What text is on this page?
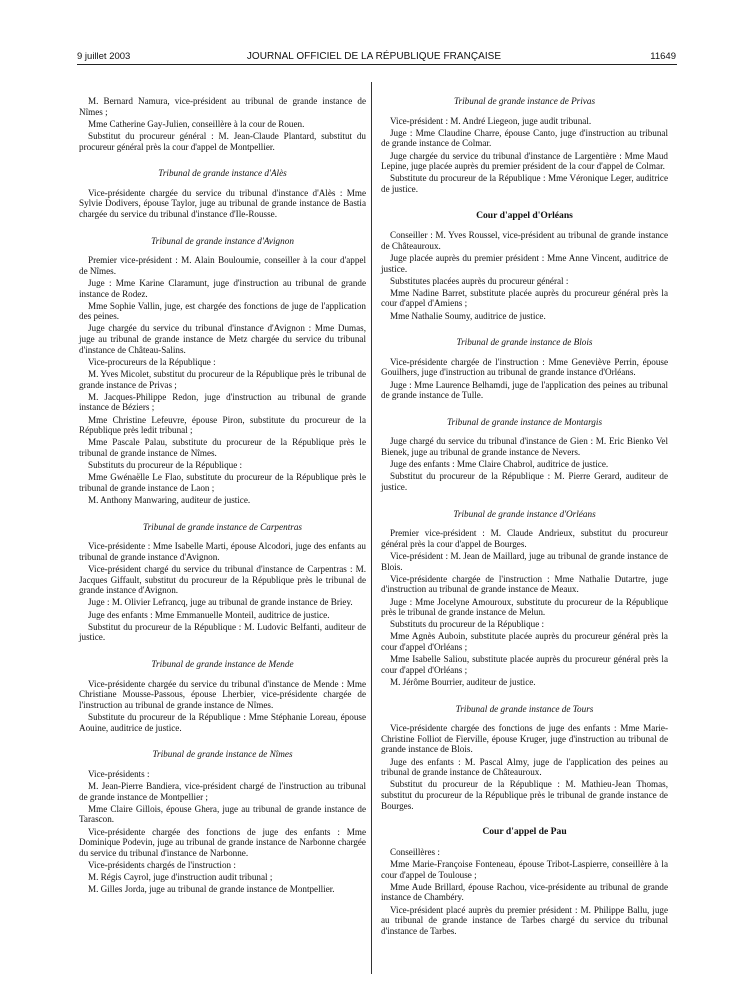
9 juillet 2003	JOURNAL OFFICIEL DE LA RÉPUBLIQUE FRANÇAISE	11649

M. Bernard Namura, vice-président au tribunal de grande instance de Nîmes ;

Mme Catherine Gay-Julien, conseillère à la cour de Rouen.

Substitut du procureur général : M. Jean-Claude Plantard, substitut du procureur général près la cour d'appel de Montpellier.

Tribunal de grande instance d'Alès

Vice-présidente chargée du service du tribunal d'instance d'Alès : Mme Sylvie Dodivers, épouse Taylor, juge au tribunal de grande instance de Bastia chargée du service du tribunal d'instance d'Ile-Rousse.

Tribunal de grande instance d'Avignon

Premier vice-président : M. Alain Bouloumie, conseiller à la cour d'appel de Nîmes.

Juge : Mme Karine Claramunt, juge d'instruction au tribunal de grande instance de Rodez.

Mme Sophie Vallin, juge, est chargée des fonctions de juge de l'application des peines.

Juge chargée du service du tribunal d'instance d'Avignon : Mme Dumas, juge au tribunal de grande instance de Metz chargée du service du tribunal d'instance de Château-Salins.

Vice-procureurs de la République :

M. Yves Micolet, substitut du procureur de la République près le tribunal de grande instance de Privas ;

M. Jacques-Philippe Redon, juge d'instruction au tribunal de grande instance de Béziers ;

Mme Christine Lefeuvre, épouse Piron, substitute du procureur de la République près ledit tribunal ;

Mme Pascale Palau, substitute du procureur de la République près le tribunal de grande instance de Nîmes.

Substituts du procureur de la République :

Mme Gwénaëlle Le Flao, substitute du procureur de la République près le tribunal de grande instance de Laon ;

M. Anthony Manwaring, auditeur de justice.

Tribunal de grande instance de Carpentras

Vice-présidente : Mme Isabelle Marti, épouse Alcodori, juge des enfants au tribunal de grande instance d'Avignon.

Vice-président chargé du service du tribunal d'instance de Carpentras : M. Jacques Giffault, substitut du procureur de la République près le tribunal de grande instance d'Avignon.

Juge : M. Olivier Lefrancq, juge au tribunal de grande instance de Briey.

Juge des enfants : Mme Emmanuelle Monteil, auditrice de justice.

Substitut du procureur de la République : M. Ludovic Belfanti, auditeur de justice.

Tribunal de grande instance de Mende

Vice-présidente chargée du service du tribunal d'instance de Mende : Mme Christiane Mousse-Passous, épouse Lherbier, vice-présidente chargée de l'instruction au tribunal de grande instance de Nîmes.

Substitute du procureur de la République : Mme Stéphanie Loreau, épouse Aouine, auditrice de justice.

Tribunal de grande instance de Nîmes

Vice-présidents :

M. Jean-Pierre Bandiera, vice-président chargé de l'instruction au tribunal de grande instance de Montpellier ;

Mme Claire Gillois, épouse Ghera, juge au tribunal de grande instance de Tarascon.

Vice-présidente chargée des fonctions de juge des enfants : Mme Dominique Podevin, juge au tribunal de grande instance de Narbonne chargée du service du tribunal d'instance de Narbonne.

Vice-présidents chargés de l'instruction :

M. Régis Cayrol, juge d'instruction audit tribunal ;

M. Gilles Jorda, juge au tribunal de grande instance de Montpellier.

Tribunal de grande instance de Privas

Vice-président : M. André Liegeon, juge audit tribunal.

Juge : Mme Claudine Charre, épouse Canto, juge d'instruction au tribunal de grande instance de Colmar.

Juge chargée du service du tribunal d'instance de Largentière : Mme Maud Lepine, juge placée auprès du premier président de la cour d'appel de Colmar.

Substitute du procureur de la République : Mme Véronique Leger, auditrice de justice.

Cour d'appel d'Orléans

Conseiller : M. Yves Roussel, vice-président au tribunal de grande instance de Châteauroux.

Juge placée auprès du premier président : Mme Anne Vincent, auditrice de justice.

Substitutes placées auprès du procureur général :

Mme Nadine Barret, substitute placée auprès du procureur général près la cour d'appel d'Amiens ;

Mme Nathalie Soumy, auditrice de justice.

Tribunal de grande instance de Blois

Vice-présidente chargée de l'instruction : Mme Geneviève Perrin, épouse Gouilhers, juge d'instruction au tribunal de grande instance d'Orléans.

Juge : Mme Laurence Belhamdi, juge de l'application des peines au tribunal de grande instance de Tulle.

Tribunal de grande instance de Montargis

Juge chargé du service du tribunal d'instance de Gien : M. Eric Bienko Vel Bienek, juge au tribunal de grande instance de Nevers.

Juge des enfants : Mme Claire Chabrol, auditrice de justice.

Substitut du procureur de la République : M. Pierre Gerard, auditeur de justice.

Tribunal de grande instance d'Orléans

Premier vice-président : M. Claude Andrieux, substitut du procureur général près la cour d'appel de Bourges.

Vice-président : M. Jean de Maillard, juge au tribunal de grande instance de Blois.

Vice-présidente chargée de l'instruction : Mme Nathalie Dutartre, juge d'instruction au tribunal de grande instance de Meaux.

Juge : Mme Jocelyne Amouroux, substitute du procureur de la République près le tribunal de grande instance de Melun.

Substituts du procureur de la République :

Mme Agnès Auboin, substitute placée auprès du procureur général près la cour d'appel d'Orléans ;

Mme Isabelle Saliou, substitute placée auprès du procureur général près la cour d'appel d'Orléans ;

M. Jérôme Bourrier, auditeur de justice.

Tribunal de grande instance de Tours

Vice-présidente chargée des fonctions de juge des enfants : Mme Marie-Christine Folliot de Fierville, épouse Kruger, juge d'instruction au tribunal de grande instance de Blois.

Juge des enfants : M. Pascal Almy, juge de l'application des peines au tribunal de grande instance de Châteauroux.

Substitut du procureur de la République : M. Mathieu-Jean Thomas, substitut du procureur de la République près le tribunal de grande instance de Bourges.

Cour d'appel de Pau

Conseillères :

Mme Marie-Françoise Fonteneau, épouse Tribot-Laspierre, conseillère à la cour d'appel de Toulouse ;

Mme Aude Brillard, épouse Rachou, vice-présidente au tribunal de grande instance de Chambéry.

Vice-président placé auprès du premier président : M. Philippe Ballu, juge au tribunal de grande instance de Tarbes chargé du service du tribunal d'instance de Tarbes.
